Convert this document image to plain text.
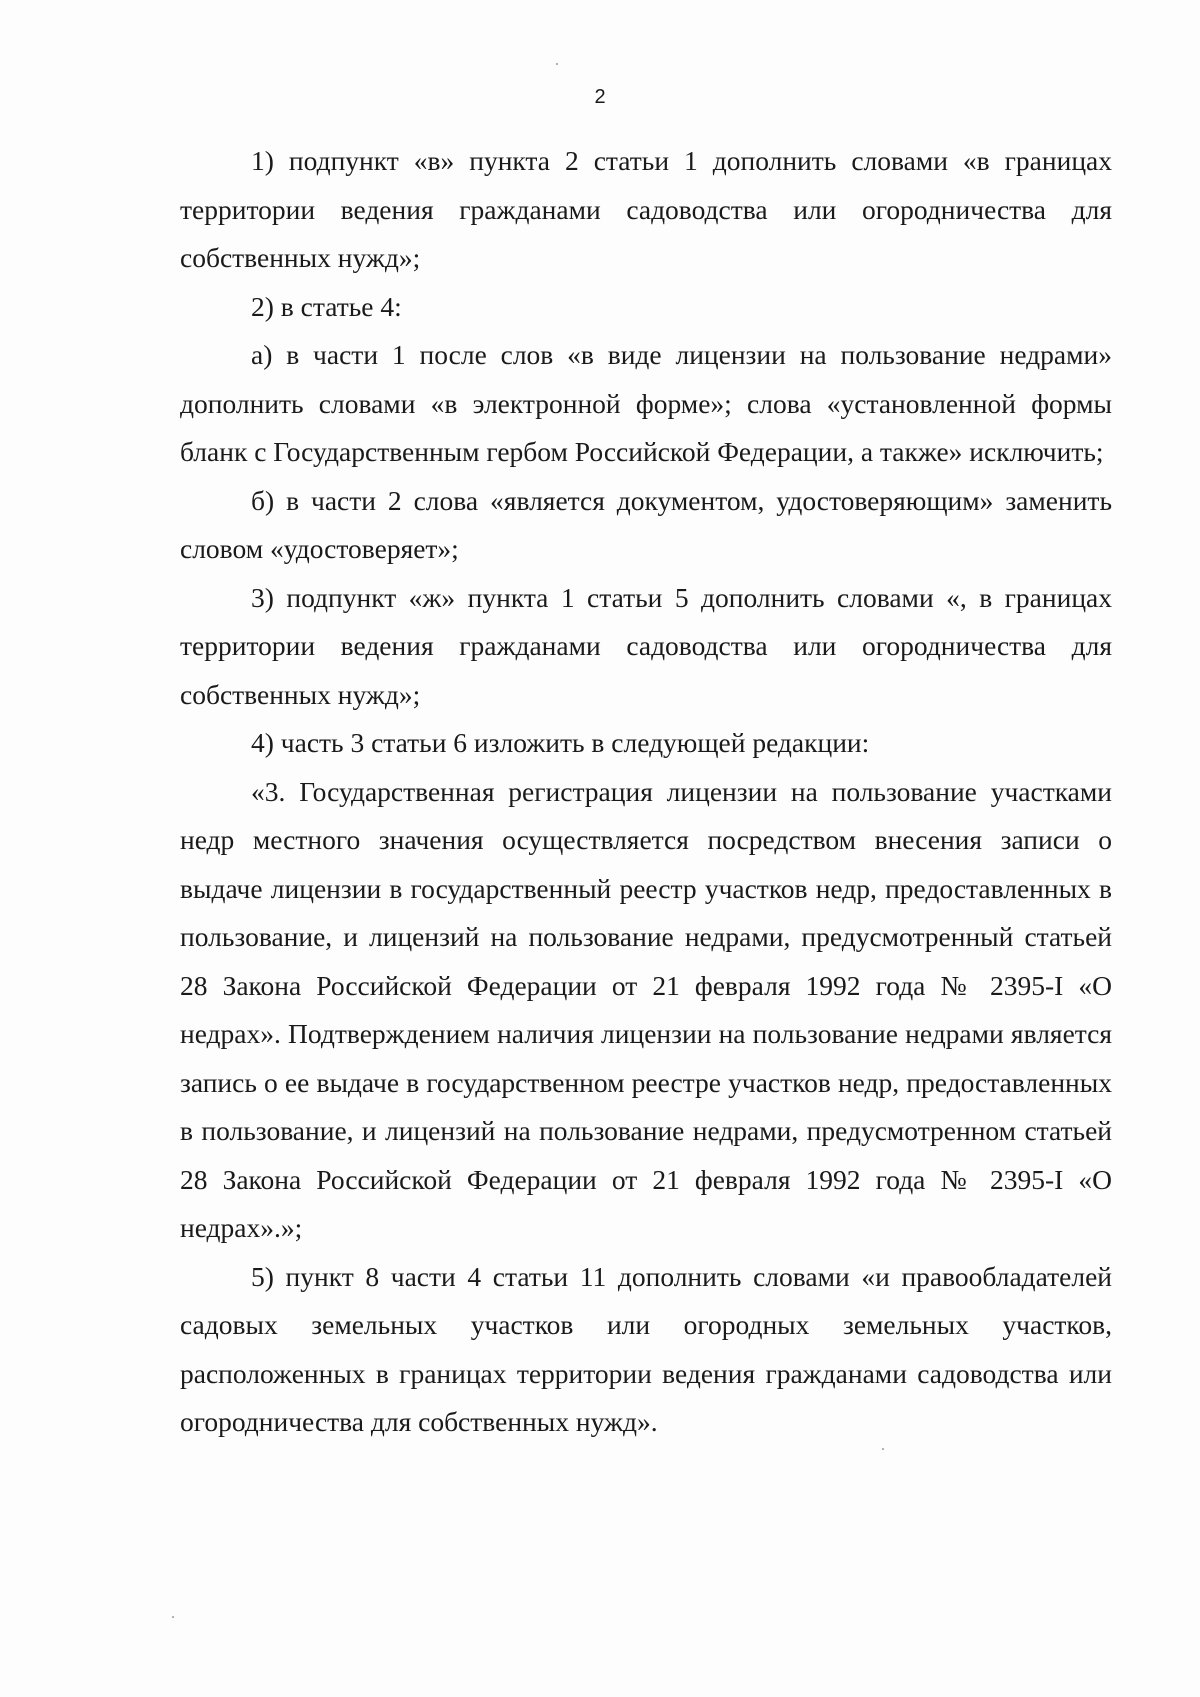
2

1) подпункт «в» пункта 2 статьи 1 дополнить словами «в границах территории ведения гражданами садоводства или огородничества для собственных нужд»;

2) в статье 4:

а) в части 1 после слов «в виде лицензии на пользование недрами» дополнить словами «в электронной форме»; слова «установленной формы бланк с Государственным гербом Российской Федерации, а также» исключить;

б) в части 2 слова «является документом, удостоверяющим» заменить словом «удостоверяет»;

3) подпункт «ж» пункта 1 статьи 5 дополнить словами «, в границах территории ведения гражданами садоводства или огородничества для собственных нужд»;

4) часть 3 статьи 6 изложить в следующей редакции:

«3. Государственная регистрация лицензии на пользование участками недр местного значения осуществляется посредством внесения записи о выдаче лицензии в государственный реестр участков недр, предоставленных в пользование, и лицензий на пользование недрами, предусмотренный статьей 28 Закона Российской Федерации от 21 февраля 1992 года № 2395-I «О недрах». Подтверждением наличия лицензии на пользование недрами является запись о ее выдаче в государственном реестре участков недр, предоставленных в пользование, и лицензий на пользование недрами, предусмотренном статьей 28 Закона Российской Федерации от 21 февраля 1992 года № 2395-I «О недрах».»;

5) пункт 8 части 4 статьи 11 дополнить словами «и правообладателей садовых земельных участков или огородных земельных участков, расположенных в границах территории ведения гражданами садоводства или огородничества для собственных нужд».
